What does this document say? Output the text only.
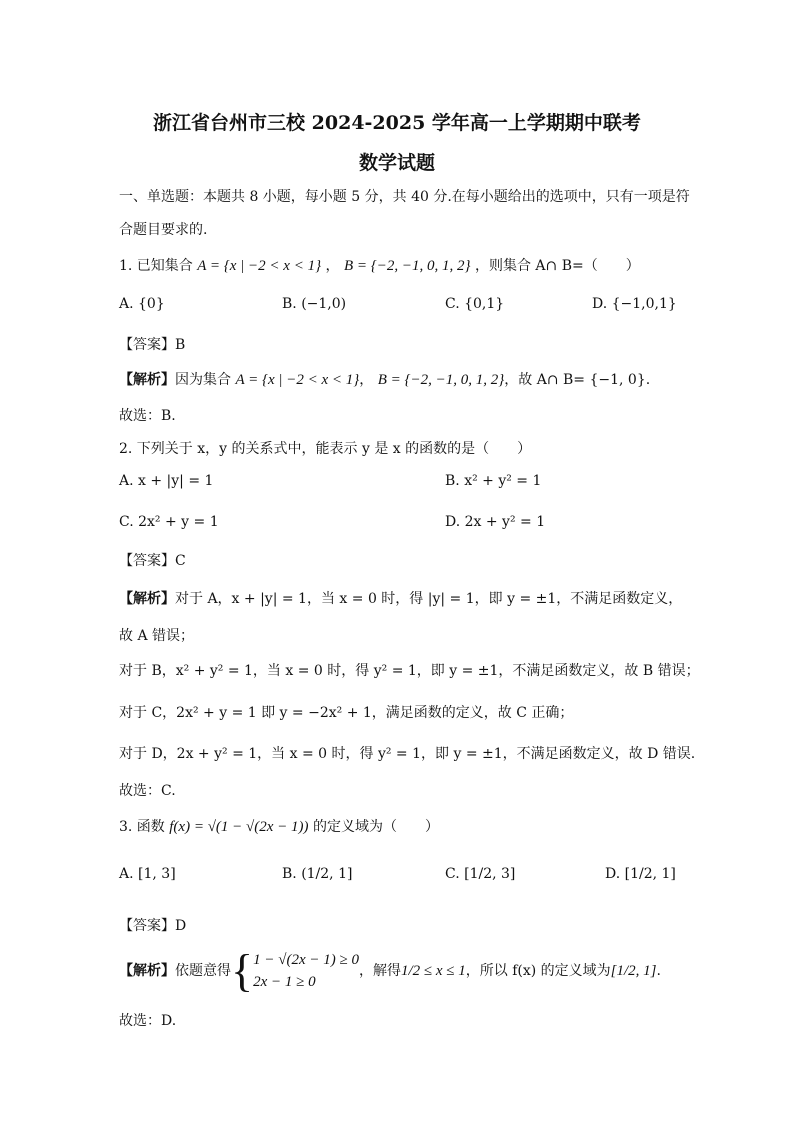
浙江省台州市三校 2024-2025 学年高一上学期期中联考
数学试题
一、单选题：本题共 8 小题，每小题 5 分，共 40 分.在每小题给出的选项中，只有一项是符
合题目要求的.
1. 已知集合 A = {x | −2 < x < 1} ， B = {−2, −1, 0, 1, 2} ，则集合 A∩ B=（　　）
A. {0}	B. (−1,0)	C. {0,1}	D. {−1,0,1}
【答案】B
【解析】因为集合 A = {x | −2 < x < 1}， B = {−2, −1, 0, 1, 2}，故 A∩ B= {−1, 0}.
故选：B.
2. 下列关于 x，y 的关系式中，能表示 y 是 x 的函数的是（　　）
A. x + |y| = 1	B. x² + y² = 1
C. 2x² + y = 1	D. 2x + y² = 1
【答案】C
【解析】对于 A，x + |y| = 1，当 x = 0 时，得 |y| = 1，即 y = ±1，不满足函数定义，
故 A 错误；
对于 B，x² + y² = 1，当 x = 0 时，得 y² = 1，即 y = ±1，不满足函数定义，故 B 错误；
对于 C，2x² + y = 1 即 y = −2x² + 1，满足函数的定义，故 C 正确；
对于 D，2x + y² = 1，当 x = 0 时，得 y² = 1，即 y = ±1，不满足函数定义，故 D 错误.
故选：C.
3. 函数 f(x) = √(1 − √(2x − 1)) 的定义域为（　　）
A. [1, 3]	B. (1/2, 1]	C. [1/2, 3]	D. [1/2, 1]
【答案】D
【解析】依题意得{ 1 − √(2x − 1) ≥ 0
2x − 1 ≥ 0
，解得1/2 ≤ x ≤ 1，所以 f(x) 的定义域为[1/2, 1].
故选：D.
